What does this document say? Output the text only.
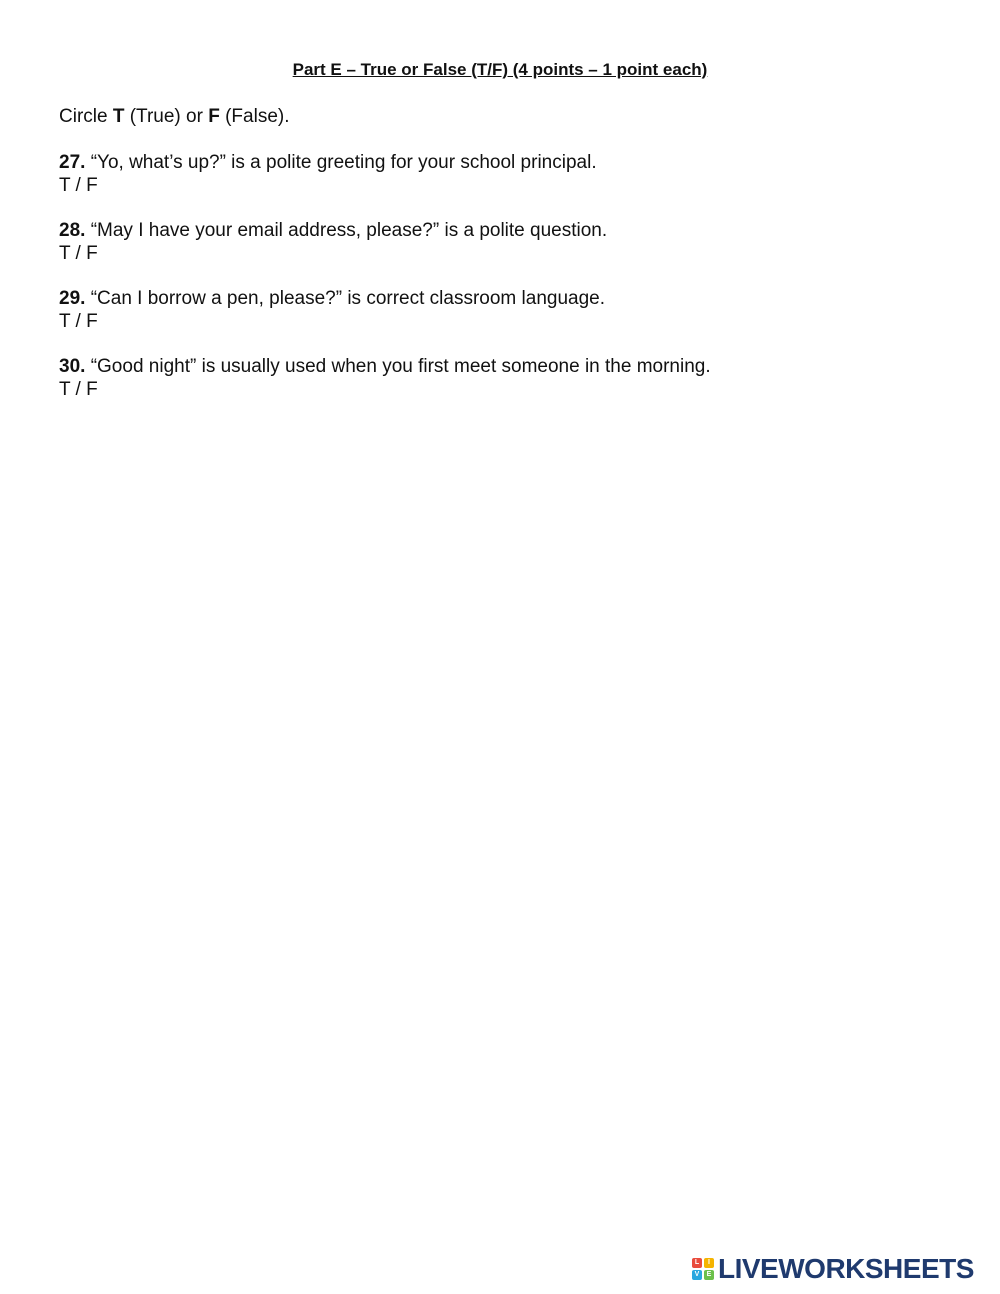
Part E – True or False (T/F) (4 points – 1 point each)
Circle T (True) or F (False).
27. “Yo, what’s up?” is a polite greeting for your school principal.
T / F
28. “May I have your email address, please?” is a polite question.
T / F
29. “Can I borrow a pen, please?” is correct classroom language.
T / F
30. “Good night” is usually used when you first meet someone in the morning.
T / F
L	I
V	E LIVEWORKSHEETS
